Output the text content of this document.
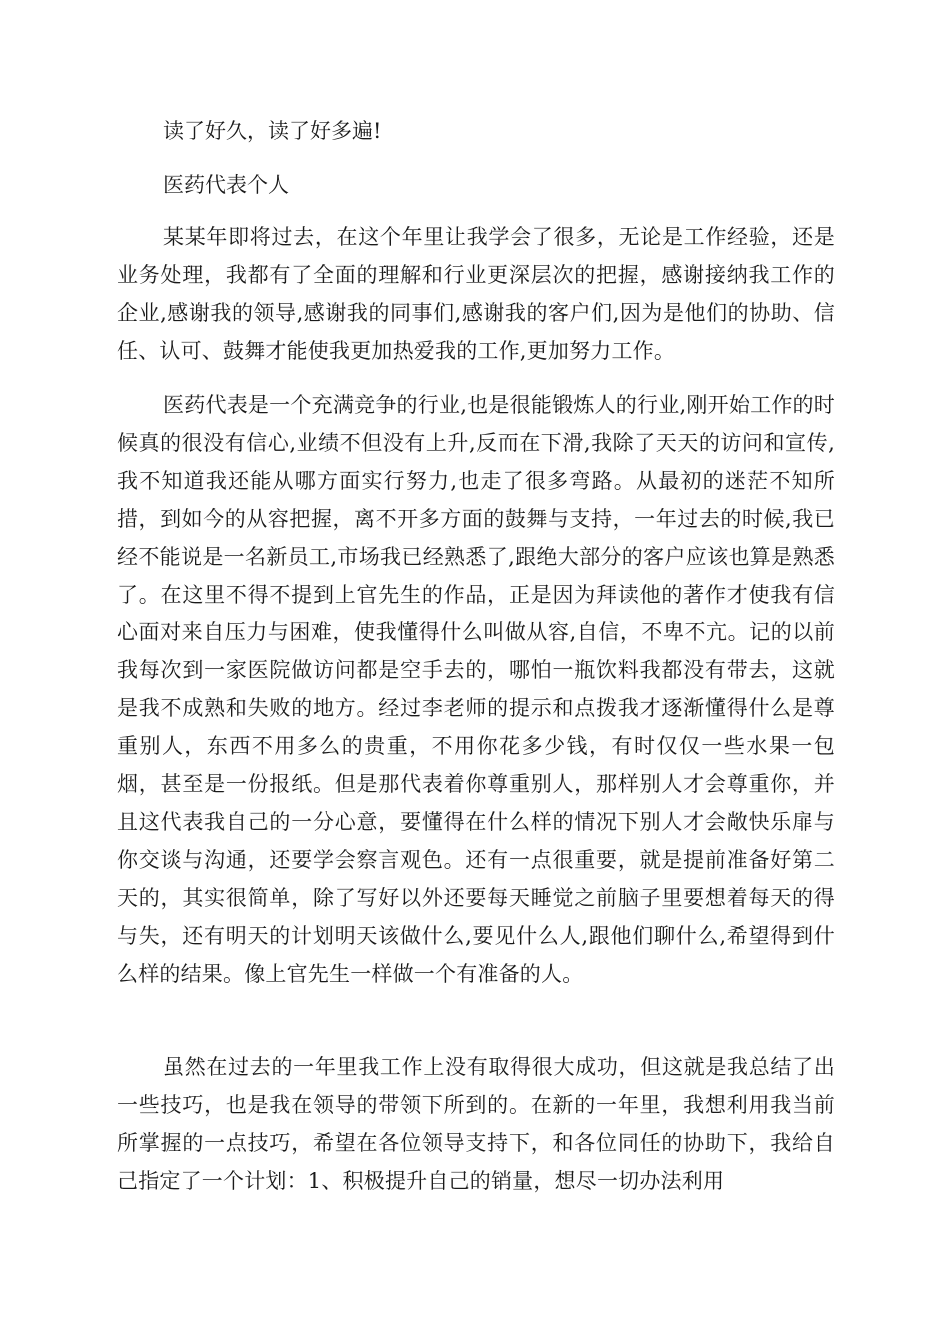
读了好久，读了好多遍!

医药代表个人

某某年即将过去，在这个年里让我学会了很多，无论是工作经验，还是业务处理，我都有了全面的理解和行业更深层次的把握，感谢接纳我工作的企业,感谢我的领导,感谢我的同事们,感谢我的客户们,因为是他们的协助、信任、认可、鼓舞才能使我更加热爱我的工作,更加努力工作。

医药代表是一个充满竞争的行业,也是很能锻炼人的行业,刚开始工作的时候真的很没有信心,业绩不但没有上升,反而在下滑,我除了天天的访问和宣传,我不知道我还能从哪方面实行努力,也走了很多弯路。从最初的迷茫不知所措，到如今的从容把握，离不开多方面的鼓舞与支持，一年过去的时候,我已经不能说是一名新员工,市场我已经熟悉了,跟绝大部分的客户应该也算是熟悉了。在这里不得不提到上官先生的作品，正是因为拜读他的著作才使我有信心面对来自压力与困难，使我懂得什么叫做从容,自信，不卑不亢。记的以前我每次到一家医院做访问都是空手去的，哪怕一瓶饮料我都没有带去，这就是我不成熟和失败的地方。经过李老师的提示和点拨我才逐渐懂得什么是尊重别人，东西不用多么的贵重，不用你花多少钱，有时仅仅一些水果一包烟，甚至是一份报纸。但是那代表着你尊重别人，那样别人才会尊重你，并且这代表我自己的一分心意，要懂得在什么样的情况下别人才会敞快乐扉与你交谈与沟通，还要学会察言观色。还有一点很重要，就是提前准备好第二天的，其实很简单，除了写好以外还要每天睡觉之前脑子里要想着每天的得与失，还有明天的计划明天该做什么,要见什么人,跟他们聊什么,希望得到什么样的结果。像上官先生一样做一个有准备的人。

虽然在过去的一年里我工作上没有取得很大成功，但这就是我总结了出一些技巧，也是我在领导的带领下所到的。在新的一年里，我想利用我当前所掌握的一点技巧，希望在各位领导支持下，和各位同任的协助下，我给自己指定了一个计划：1、积极提升自己的销量，想尽一切办法利用
